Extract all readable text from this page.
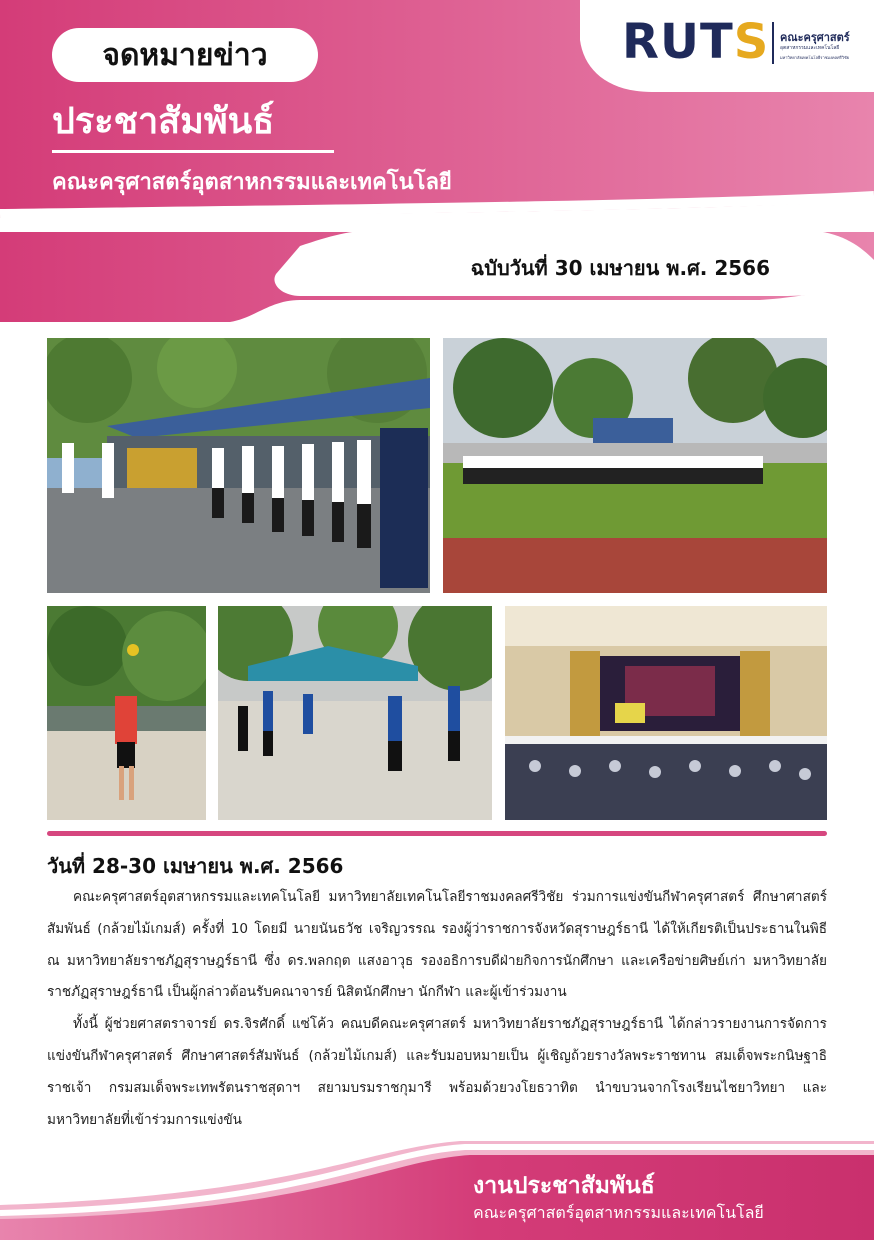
จดหมายข่าว
ประชาสัมพันธ์
คณะครุศาสตร์อุตสาหกรรมและเทคโนโลยี
ฉบับวันที่ 30 เมษายน พ.ศ. 2566
RUTS คณะครุศาสตร์
อุตสาหกรรมและเทคโนโลยี
มหาวิทยาลัยเทคโนโลยีราชมงคลศรีวิชัย
วันที่ 28-30 เมษายน พ.ศ. 2566

คณะครุศาสตร์อุตสาหกรรมและเทคโนโลยี มหาวิทยาลัยเทคโนโลยีราชมงคลศรีวิชัย ร่วมการแข่งขันกีฬาครุศาสตร์ ศึกษาศาสตร์สัมพันธ์ (กล้วยไม้เกมส์) ครั้งที่ 10 โดยมี นายนันธวัช เจริญวรรณ รองผู้ว่าราชการจังหวัดสุราษฎร์ธานี ได้ให้เกียรติเป็นประธานในพิธี ณ มหาวิทยาลัยราชภัฏสุราษฎร์ธานี ซึ่ง ดร.พลกฤต แสงอาวุธ รองอธิการบดีฝ่ายกิจการนักศึกษา และเครือข่ายศิษย์เก่า มหาวิทยาลัยราชภัฏสุราษฎร์ธานี เป็นผู้กล่าวต้อนรับคณาจารย์ นิสิตนักศึกษา นักกีฬา และผู้เข้าร่วมงาน

ทั้งนี้ ผู้ช่วยศาสตราจารย์ ดร.จิรศักดิ์ แซ่โค้ว คณบดีคณะครุศาสตร์ มหาวิทยาลัยราชภัฏสุราษฎร์ธานี ได้กล่าวรายงานการจัดการแข่งขันกีฬาครุศาสตร์ ศึกษาศาสตร์สัมพันธ์ (กล้วยไม้เกมส์) และรับมอบหมายเป็น ผู้เชิญถ้วยรางวัลพระราชทาน สมเด็จพระกนิษฐาธิราชเจ้า กรมสมเด็จพระเทพรัตนราชสุดาฯ สยามบรมราชกุมารี พร้อมด้วยวงโยธวาทิต นำขบวนจากโรงเรียนไชยาวิทยา และมหาวิทยาลัยที่เข้าร่วมการแข่งขัน

งานประชาสัมพันธ์
คณะครุศาสตร์อุตสาหกรรมและเทคโนโลยี
